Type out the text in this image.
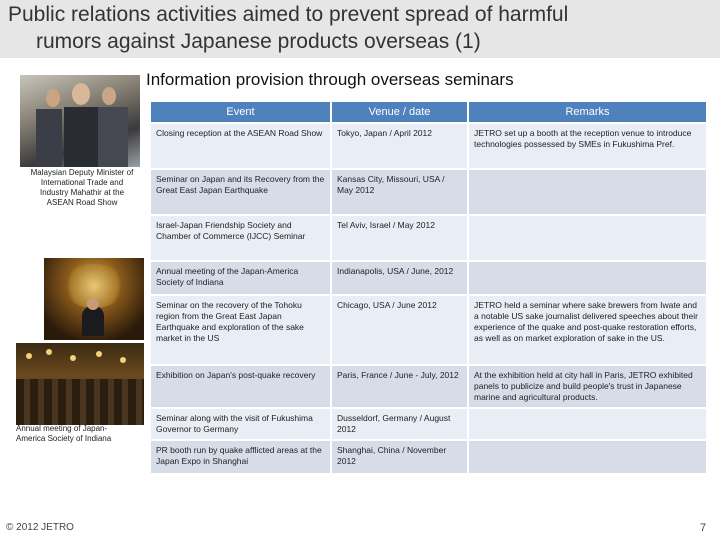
Public relations activities aimed to prevent spread of harmful
rumors against Japanese products overseas (1)
Information provision through overseas seminars
Malaysian Deputy Minister of International Trade and Industry Mahathir at the ASEAN Road Show
Annual meeting of Japan-America Society of Indiana
Event	Venue / date	Remarks
Closing reception at the ASEAN Road Show	Tokyo, Japan / April 2012	JETRO set up a booth at the reception venue to introduce technologies possessed by SMEs in Fukushima Pref.
Seminar on Japan and its Recovery from the Great East Japan Earthquake	Kansas City, Missouri, USA / May 2012	
Israel-Japan Friendship Society and Chamber of Commerce (IJCC) Seminar	Tel Aviv, Israel / May 2012	
Annual meeting of the Japan-America Society of Indiana	Indianapolis, USA / June, 2012	
Seminar on the recovery of the Tohoku region from the Great East Japan Earthquake and exploration of the sake market in the US	Chicago, USA / June 2012	JETRO held a seminar where sake brewers from Iwate and a notable US sake journalist delivered speeches about their experience of the quake and post-quake restoration efforts, as well as on market exploration of sake in the US.
Exhibition on Japan's post-quake recovery	Paris, France / June - July, 2012	At the exhibition held at city hall in Paris, JETRO exhibited panels to publicize and build people's trust in Japanese marine and agricultural products.
Seminar along with the visit of Fukushima Governor to Germany	Dusseldorf, Germany / August 2012	
PR booth run by quake afflicted areas at the Japan Expo in Shanghai	Shanghai, China / November 2012	
© 2012 JETRO	7
